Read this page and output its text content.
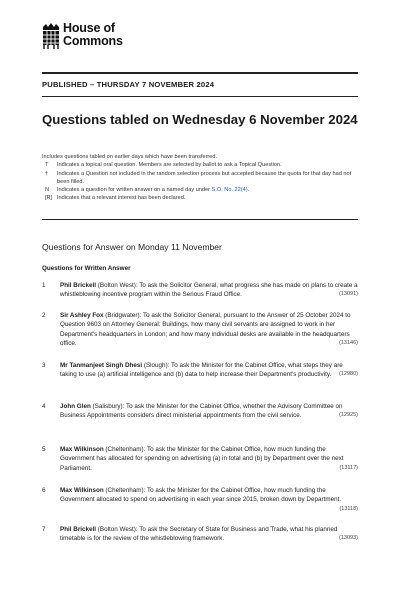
House of
Commons
PUBLISHED – THURSDAY 7 NOVEMBER 2024
Questions tabled on Wednesday 6 November 2024
Includes questions tabled on earlier days which have been transferred.
T	Indicates a topical oral question. Members are selected by ballot to ask a Topical Question.
†	Indicates a Question not included in the random selection process but accepted because the quota for that day had not been filled.
N	Indicates a question for written answer on a named day under S.O. No. 22(4).
[R] Indicates that a relevant interest has been declared.
Questions for Answer on Monday 11 November
Questions for Written Answer
1	Phil Brickell (Bolton West): To ask the Solicitor General, what progress she has made on plans to create a whistleblowing incentive program within the Serious Fraud Office.	(13091)
2	Sir Ashley Fox (Bridgwater): To ask the Solicitor General, pursuant to the Answer of 25 October 2024 to Question 9603 on Attorney General: Buildings, how many civil servants are assigned to work in her Department's headquarters in London; and how many individual desks are available in the headquarters office.	(13146)
3	Mr Tanmanjeet Singh Dhesi (Slough): To ask the Minister for the Cabinet Office, what steps they are taking to use (a) artificial intelligence and (b) data to help increase their Department's productivity.	(12980)
4	John Glen (Salisbury): To ask the Minister for the Cabinet Office, whether the Advisory Committee on Business Appointments considers direct ministerial appointments from the civil service.	(12925)
5	Max Wilkinson (Cheltenham): To ask the Minister for the Cabinet Office, how much funding the Government has allocated for spending on advertising (a) in total and (b) by Department over the next Parliament.	(13117)
6	Max Wilkinson (Cheltenham): To ask the Minister for the Cabinet Office, how much funding the Government allocated to spend on advertising in each year since 2015, broken down by Department.
(13118)
7	Phil Brickell (Bolton West): To ask the Secretary of State for Business and Trade, what his planned timetable is for the review of the whistleblowing framework.	(13093)
